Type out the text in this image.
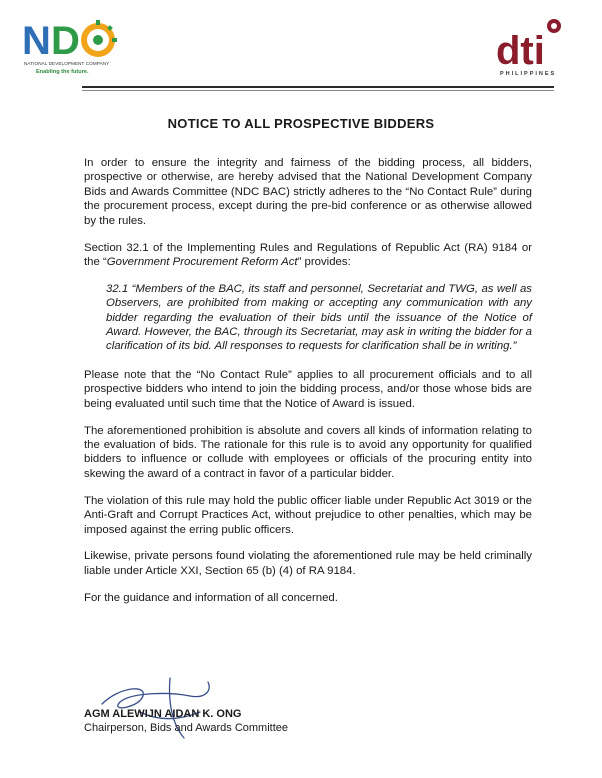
N D
NATIONAL DEVELOPMENT COMPANY
Enabling the future.	dti
PHILIPPINES
NOTICE TO ALL PROSPECTIVE BIDDERS

In order to ensure the integrity and fairness of the bidding process, all bidders, prospective or otherwise, are hereby advised that the National Development Company Bids and Awards Committee (NDC BAC) strictly adheres to the “No Contact Rule” during the procurement process, except during the pre-bid conference or as otherwise allowed by the rules.

Section 32.1 of the Implementing Rules and Regulations of Republic Act (RA) 9184 or the “Government Procurement Reform Act” provides:

32.1 “Members of the BAC, its staff and personnel, Secretariat and TWG, as well as Observers, are prohibited from making or accepting any communication with any bidder regarding the evaluation of their bids until the issuance of the Notice of Award. However, the BAC, through its Secretariat, may ask in writing the bidder for a clarification of its bid. All responses to requests for clarification shall be in writing.”

Please note that the “No Contact Rule” applies to all procurement officials and to all prospective bidders who intend to join the bidding process, and/or those whose bids are being evaluated until such time that the Notice of Award is issued.

The aforementioned prohibition is absolute and covers all kinds of information relating to the evaluation of bids. The rationale for this rule is to avoid any opportunity for qualified bidders to influence or collude with employees or officials of the procuring entity into skewing the award of a contract in favor of a particular bidder.

The violation of this rule may hold the public officer liable under Republic Act 3019 or the Anti-Graft and Corrupt Practices Act, without prejudice to other penalties, which may be imposed against the erring public officers.

Likewise, private persons found violating the aforementioned rule may be held criminally liable under Article XXI, Section 65 (b) (4) of RA 9184.

For the guidance and information of all concerned.

AGM ALEWIJN AIDAN K. ONG
Chairperson, Bids and Awards Committee
